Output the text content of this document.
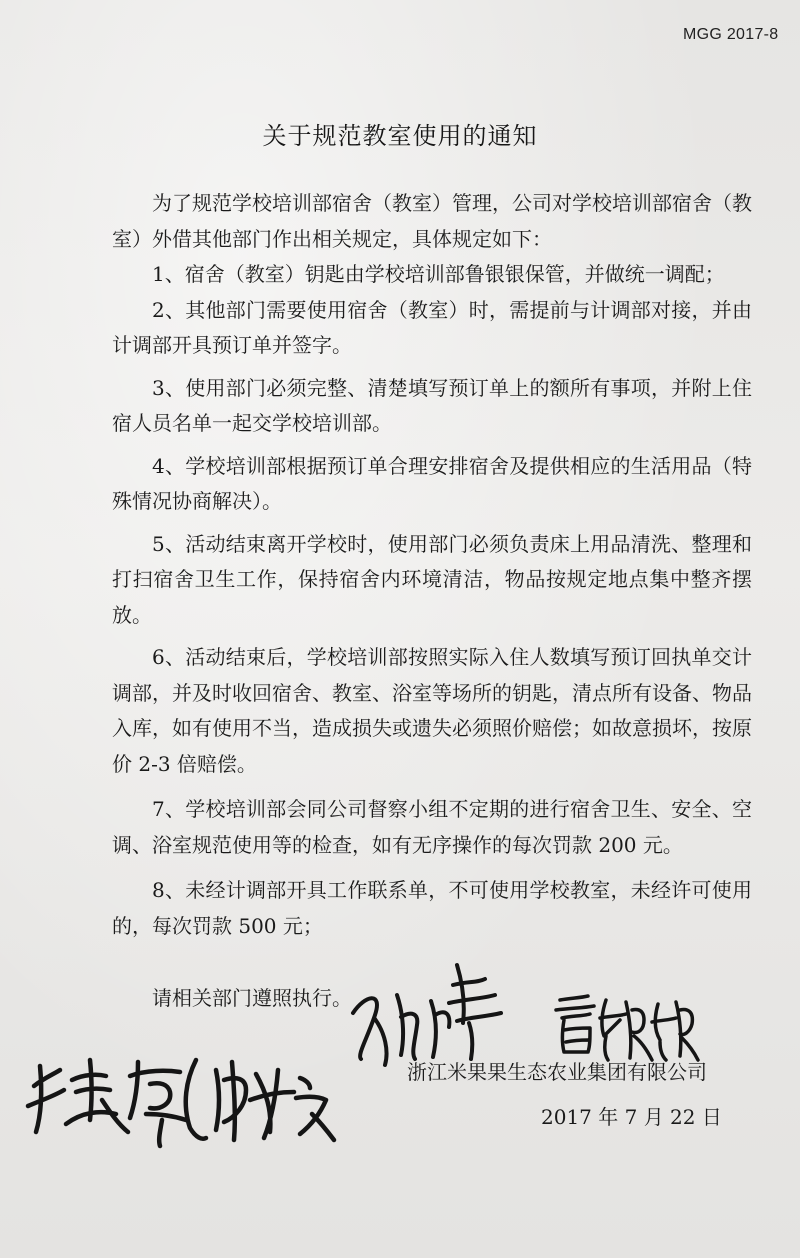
MGG 2017-8
关于规范教室使用的通知

为了规范学校培训部宿舍（教室）管理，公司对学校培训部宿舍（教室）外借其他部门作出相关规定，具体规定如下：

1、宿舍（教室）钥匙由学校培训部鲁银银保管，并做统一调配；

2、其他部门需要使用宿舍（教室）时，需提前与计调部对接，并由计调部开具预订单并签字。

3、使用部门必须完整、清楚填写预订单上的额所有事项，并附上住宿人员名单一起交学校培训部。

4、学校培训部根据预订单合理安排宿舍及提供相应的生活用品（特殊情况协商解决）。

5、活动结束离开学校时，使用部门必须负责床上用品清洗、整理和打扫宿舍卫生工作，保持宿舍内环境清洁，物品按规定地点集中整齐摆放。

6、活动结束后，学校培训部按照实际入住人数填写预订回执单交计调部，并及时收回宿舍、教室、浴室等场所的钥匙，清点所有设备、物品入库，如有使用不当，造成损失或遗失必须照价赔偿；如故意损坏，按原价 2-3 倍赔偿。

7、学校培训部会同公司督察小组不定期的进行宿舍卫生、安全、空调、浴室规范使用等的检查，如有无序操作的每次罚款 200 元。

8、未经计调部开具工作联系单，不可使用学校教室，未经许可使用的，每次罚款 500 元；

请相关部门遵照执行。
浙江米果果生态农业集团有限公司
2017 年 7 月 22 日
